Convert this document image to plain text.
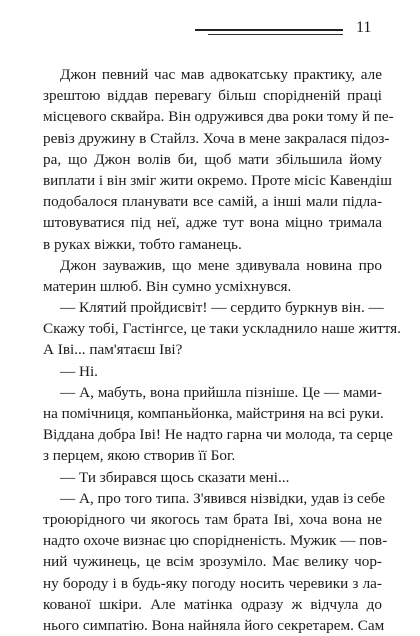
11
Джон певний час мав адвокатську практику, але
зрештою віддав перевагу більш спорідненій праці
місцевого сквайра. Він одружився два роки тому й пе-
ревіз дружину в Стайлз. Хоча в мене закралася підоз-
ра, що Джон волів би, щоб мати збільшила йому
виплати і він зміг жити окремо. Проте місіс Кавендіш
подобалося планувати все самій, а інші мали підла-
штовуватися під неї, адже тут вона міцно тримала
в руках віжки, тобто гаманець.
Джон зауважив, що мене здивувала новина про
материн шлюб. Він сумно усміхнувся.
— Клятий пройдисвіт! — сердито буркнув він. —
Скажу тобі, Гастінгсе, це таки ускладнило наше життя.
А Іві... пам'ятаєш Іві?
— Ні.
— А, мабуть, вона прийшла пізніше. Це — мами-
на помічниця, компаньйонка, майстриня на всі руки.
Віддана добра Іві! Не надто гарна чи молода, та серце
з перцем, якою створив її Бог.
— Ти збирався щось сказати мені...
— А, про того типа. З'явився нізвідки, удав із себе
троюрідного чи якогось там брата Іві, хоча вона не
надто охоче визнає цю спорідненість. Мужик — пов-
ний чужинець, це всім зрозуміло. Має велику чор-
ну бороду і в будь-яку погоду носить черевики з ла-
кованої шкіри. Але матінка одразу ж відчула до
нього симпатію. Вона найняла його секретарем. Сам
